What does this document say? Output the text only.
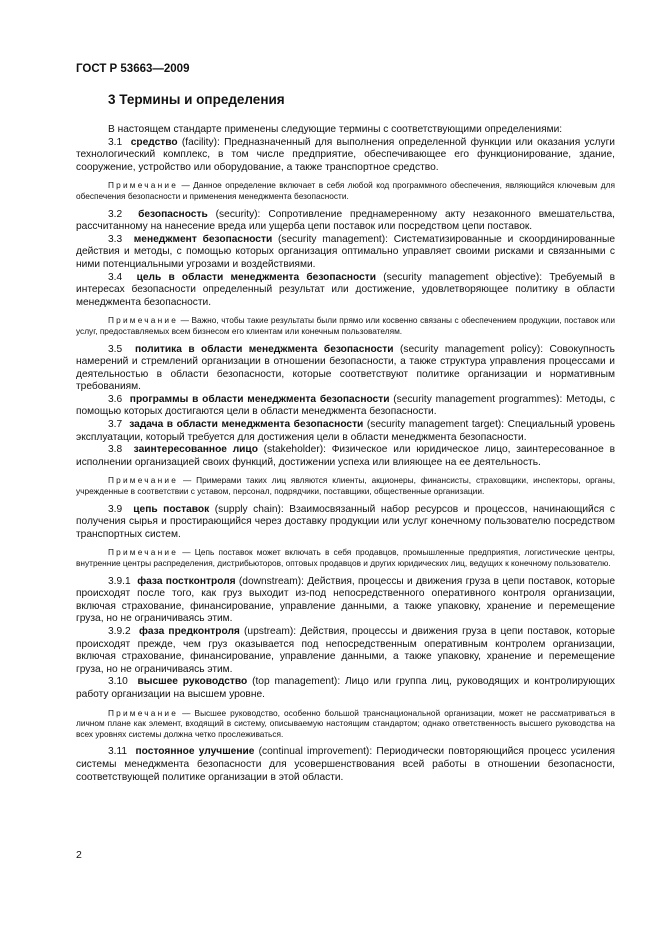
ГОСТ Р 53663—2009
3 Термины и определения

В настоящем стандарте применены следующие термины с соответствующими определениями:

3.1 средство (facility): Предназначенный для выполнения определенной функции или оказания услуги технологический комплекс, в том числе предприятие, обеспечивающее его функционирование, здание, сооружение, устройство или оборудование, а также транспортное средство.

Примечание — Данное определение включает в себя любой код программного обеспечения, являющийся ключевым для обеспечения безопасности и применения менеджмента безопасности.

3.2 безопасность (security): Сопротивление преднамеренному акту незаконного вмешательства, рассчитанному на нанесение вреда или ущерба цепи поставок или посредством цепи поставок.

3.3 менеджмент безопасности (security management): Систематизированные и скоординированные действия и методы, с помощью которых организация оптимально управляет своими рисками и связанными с ними потенциальными угрозами и воздействиями.

3.4 цель в области менеджмента безопасности (security management objective): Требуемый в интересах безопасности определенный результат или достижение, удовлетворяющее политику в области менеджмента безопасности.

Примечание — Важно, чтобы такие результаты были прямо или косвенно связаны с обеспечением продукции, поставок или услуг, предоставляемых всем бизнесом его клиентам или конечным пользователям.

3.5 политика в области менеджмента безопасности (security management policy): Совокупность намерений и стремлений организации в отношении безопасности, а также структура управления процессами и деятельностью в области безопасности, которые соответствуют политике организации и нормативным требованиям.

3.6 программы в области менеджмента безопасности (security management programmes): Методы, с помощью которых достигаются цели в области менеджмента безопасности.

3.7 задача в области менеджмента безопасности (security management target): Специальный уровень эксплуатации, который требуется для достижения цели в области менеджмента безопасности.

3.8 заинтересованное лицо (stakeholder): Физическое или юридическое лицо, заинтересованное в исполнении организацией своих функций, достижении успеха или влияющее на ее деятельность.

Примечание — Примерами таких лиц являются клиенты, акционеры, финансисты, страховщики, инспекторы, органы, учрежденные в соответствии с уставом, персонал, подрядчики, поставщики, общественные организации.

3.9 цепь поставок (supply chain): Взаимосвязанный набор ресурсов и процессов, начинающийся с получения сырья и простирающийся через доставку продукции или услуг конечному пользователю посредством транспортных систем.

Примечание — Цепь поставок может включать в себя продавцов, промышленные предприятия, логистические центры, внутренние центры распределения, дистрибьюторов, оптовых продавцов и других юридических лиц, ведущих к конечному пользователю.

3.9.1 фаза постконтроля (downstream): Действия, процессы и движения груза в цепи поставок, которые происходят после того, как груз выходит из-под непосредственного оперативного контроля организации, включая страхование, финансирование, управление данными, а также упаковку, хранение и перемещение груза, но не ограничиваясь этим.

3.9.2 фаза предконтроля (upstream): Действия, процессы и движения груза в цепи поставок, которые происходят прежде, чем груз оказывается под непосредственным оперативным контролем организации, включая страхование, финансирование, управление данными, а также упаковку, хранение и перемещение груза, но не ограничиваясь этим.

3.10 высшее руководство (top management): Лицо или группа лиц, руководящих и контролирующих работу организации на высшем уровне.

Примечание — Высшее руководство, особенно большой транснациональной организации, может не рассматриваться в личном плане как элемент, входящий в систему, описываемую настоящим стандартом; однако ответственность высшего руководства на всех уровнях системы должна четко прослеживаться.

3.11 постоянное улучшение (continual improvement): Периодически повторяющийся процесс усиления системы менеджмента безопасности для усовершенствования всей работы в отношении безопасности, соответствующей политике организации в этой области.

2
